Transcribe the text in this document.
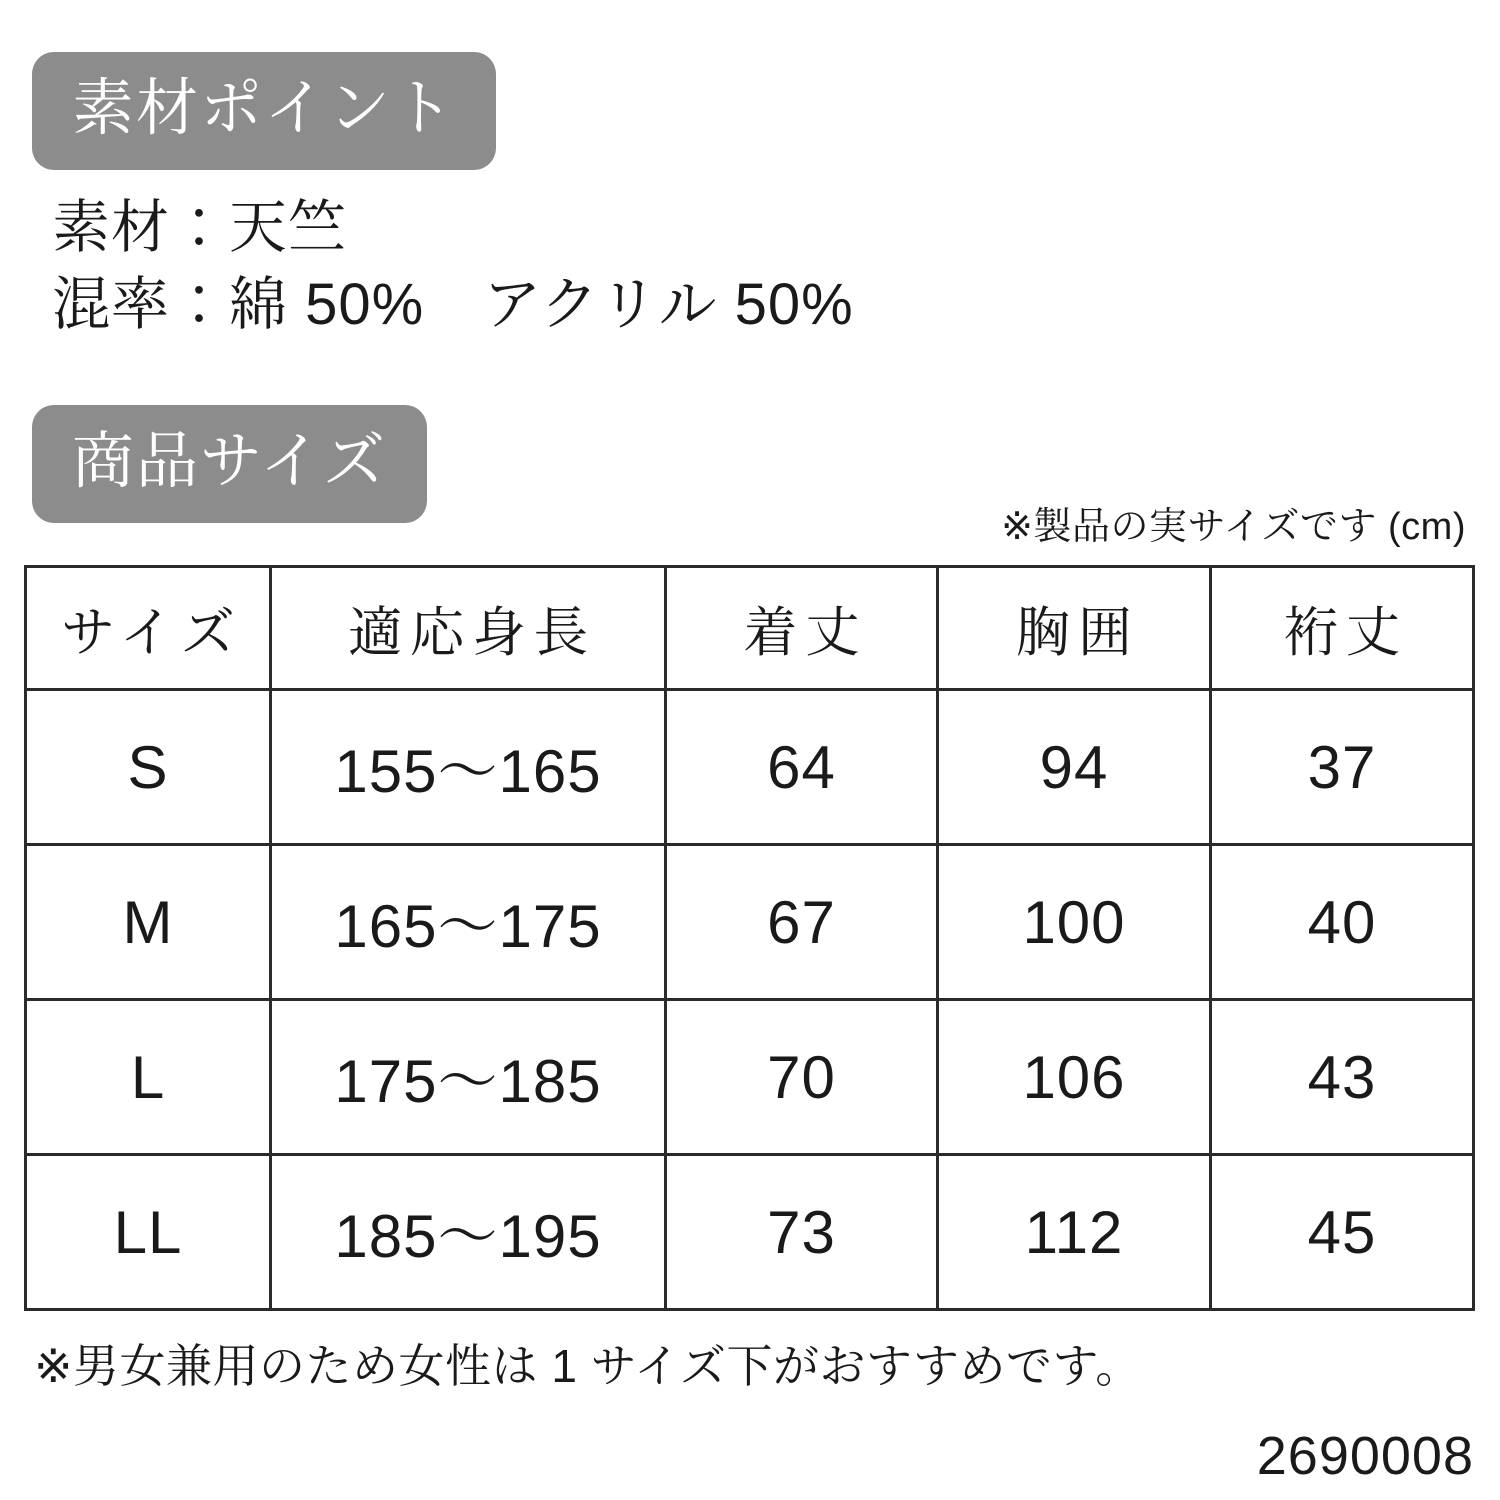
素材ポイント
素材：天竺
混率：綿 50%　アクリル 50%
商品サイズ
※製品の実サイズです (cm)
サイズ	適応身長	着丈	胸囲	裄丈
S	155〜165	64	94	37
M	165〜175	67	100	40
L	175〜185	70	106	43
LL	185〜195	73	112	45
※男女兼用のため女性は 1 サイズ下がおすすめです。
2690008
